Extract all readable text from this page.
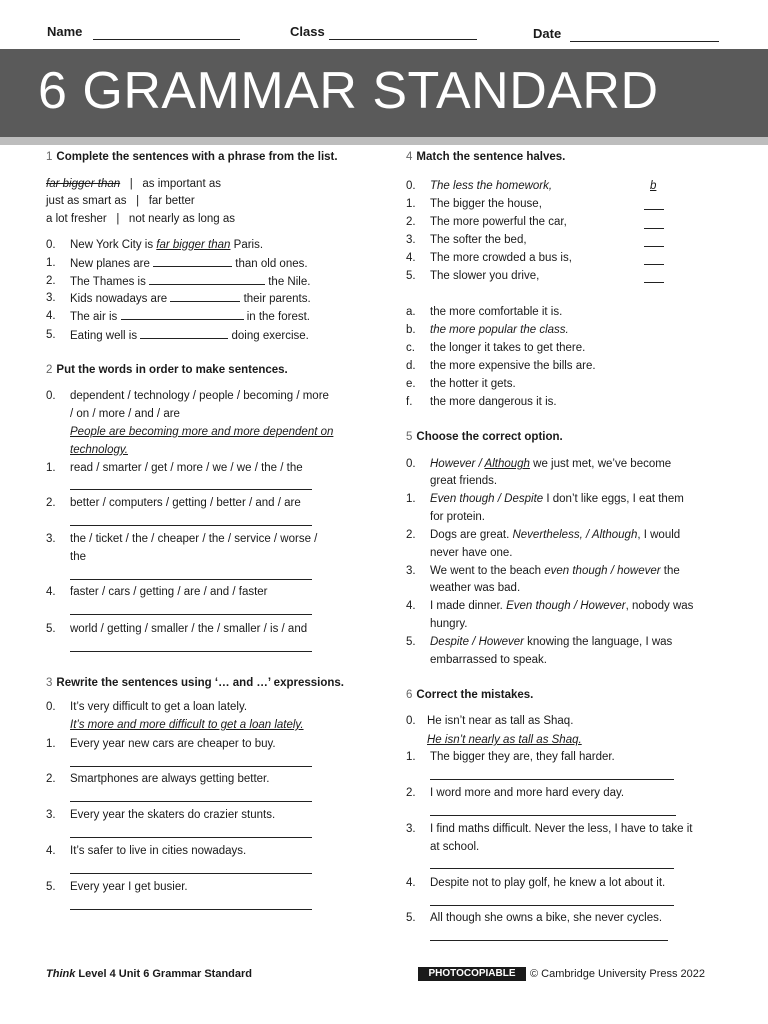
Name	Class	Date
6 GRAMMAR STANDARD
1 Complete the sentences with a phrase from the list.
far bigger than | as important as
just as smart as | far better
a lot fresher | not nearly as long as
0. New York City is far bigger than Paris.
1. New planes are	than old ones.
2. The Thames is	the Nile.
3. Kids nowadays are	their parents.
4. The air is	in the forest.
5. Eating well is	doing exercise.
2 Put the words in order to make sentences.
0. dependent / technology / people / becoming / more
/ on / more / and / are
People are becoming more and more dependent on
technology.
1. read / smarter / get / more / we / we / the / the
2. better / computers / getting / better / and / are
3. the / ticket / the / cheaper / the / service / worse /
the
4. faster / cars / getting / are / and / faster
5. world / getting / smaller / the / smaller / is / and
3 Rewrite the sentences using ‘… and …’ expressions.
0. It’s very difficult to get a loan lately.
It’s more and more difficult to get a loan lately.
1. Every year new cars are cheaper to buy.
2. Smartphones are always getting better.
3. Every year the skaters do crazier stunts.
4. It’s safer to live in cities nowadays.
5. Every year I get busier.
4 Match the sentence halves.
0. The less the homework,	b
1. The bigger the house,
2. The more powerful the car,
3. The softer the bed,
4. The more crowded a bus is,
5. The slower you drive,
a. the more comfortable it is.
b. the more popular the class.
c. the longer it takes to get there.
d. the more expensive the bills are.
e. the hotter it gets.
f. the more dangerous it is.
5 Choose the correct option.
0. However / Although we just met, we’ve become
great friends.
1. Even though / Despite I don’t like eggs, I eat them
for protein.
2. Dogs are great. Nevertheless, / Although, I would
never have one.
3. We went to the beach even though / however the
weather was bad.
4. I made dinner. Even though / However, nobody was
hungry.
5. Despite / However knowing the language, I was
embarrassed to speak.
6 Correct the mistakes.
0. He isn’t near as tall as Shaq.
He isn’t nearly as tall as Shaq.
1. The bigger they are, they fall harder.
2. I word more and more hard every day.
3. I find maths difficult. Never the less, I have to take it
at school.
4. Despite not to play golf, he knew a lot about it.
5. All though she owns a bike, she never cycles.
Think Level 4 Unit 6 Grammar Standard	PHOTOCOPIABLE	© Cambridge University Press 2022
